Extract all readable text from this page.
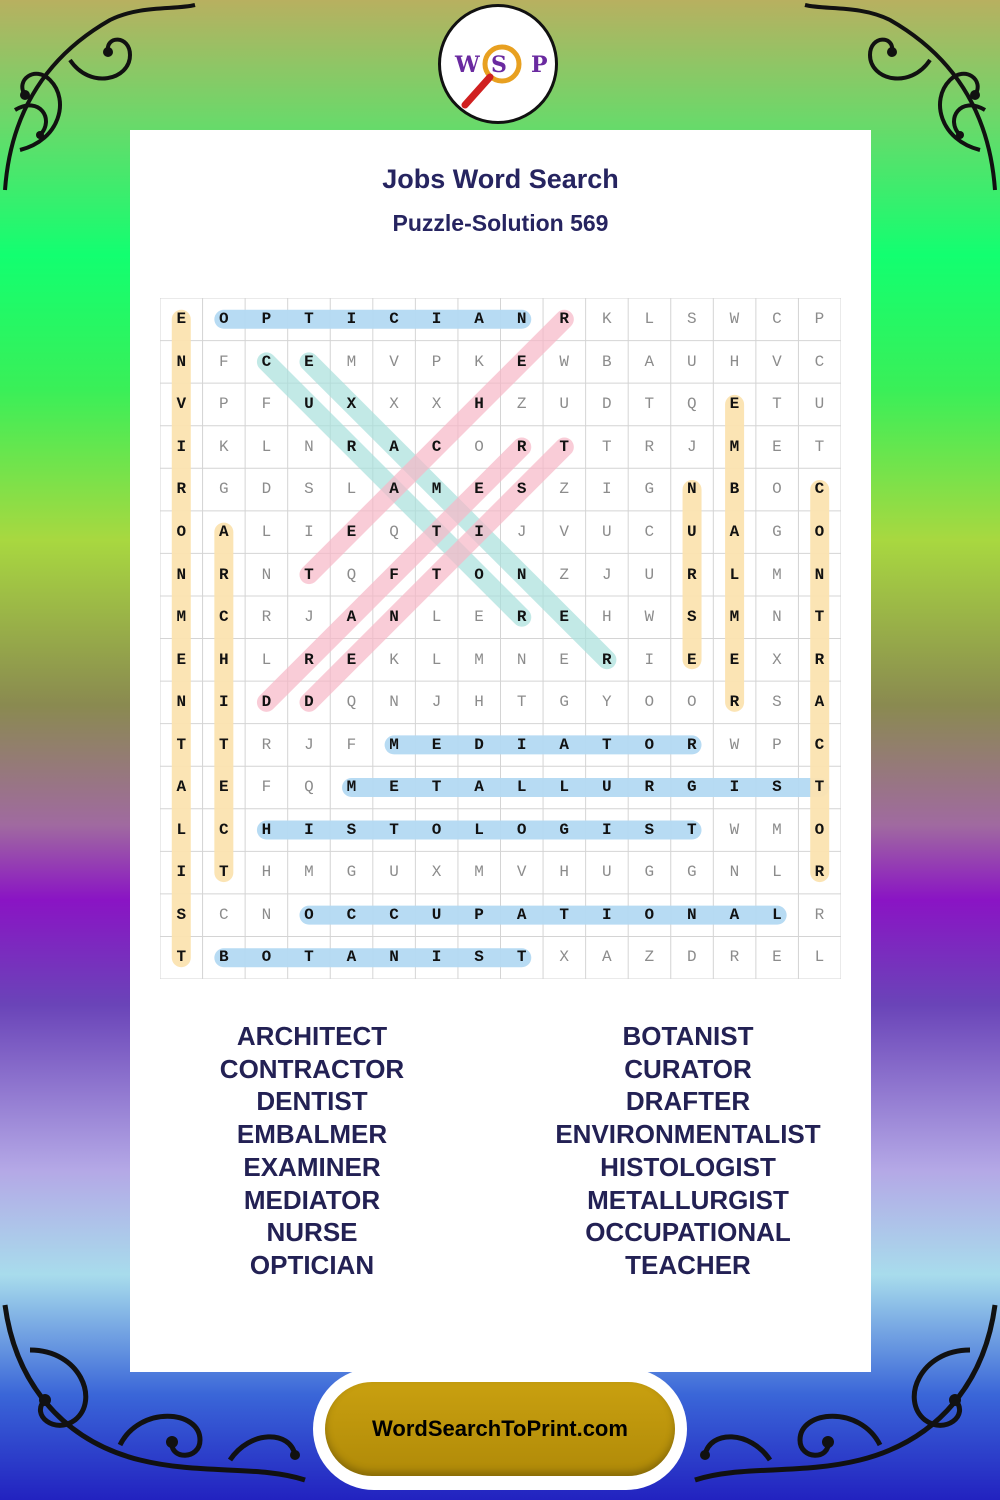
W S P
Jobs Word Search
Puzzle-Solution 569
E	O	P	T	I	C	I	A	N	R	K	L	S	W	C	P
N	F	C	E	M	V	P	K	E	W	B	A	U	H	V	C
V	P	F	U	X	X	X	H	Z	U	D	T	Q	E	T	U
I	K	L	N	R	A	C	O	R	T	T	R	J	M	E	T
R	G	D	S	L	A	M	E	S	Z	I	G	N	B	O	C
O	A	L	I	E	Q	T	I	J	V	U	C	U	A	G	O
N	R	N	T	Q	F	T	O	N	Z	J	U	R	L	M	N
M	C	R	J	A	N	L	E	R	E	H	W	S	M	N	T
E	H	L	R	E	K	L	M	N	E	R	I	E	E	X	R
N	I	D	D	Q	N	J	H	T	G	Y	O	O	R	S	A
T	T	R	J	F	M	E	D	I	A	T	O	R	W	P	C
A	E	F	Q	M	E	T	A	L	L	U	R	G	I	S	T
L	C	H	I	S	T	O	L	O	G	I	S	T	W	M	O
I	T	H	M	G	U	X	M	V	H	U	G	G	N	L	R
S	C	N	O	C	C	U	P	A	T	I	O	N	A	L	R
T	B	O	T	A	N	I	S	T	X	A	Z	D	R	E	L
ARCHITECT
CONTRACTOR
DENTIST
EMBALMER
EXAMINER
MEDIATOR
NURSE
OPTICIAN
BOTANIST
CURATOR
DRAFTER
ENVIRONMENTALIST
HISTOLOGIST
METALLURGIST
OCCUPATIONAL
TEACHER
WordSearchToPrint.com
